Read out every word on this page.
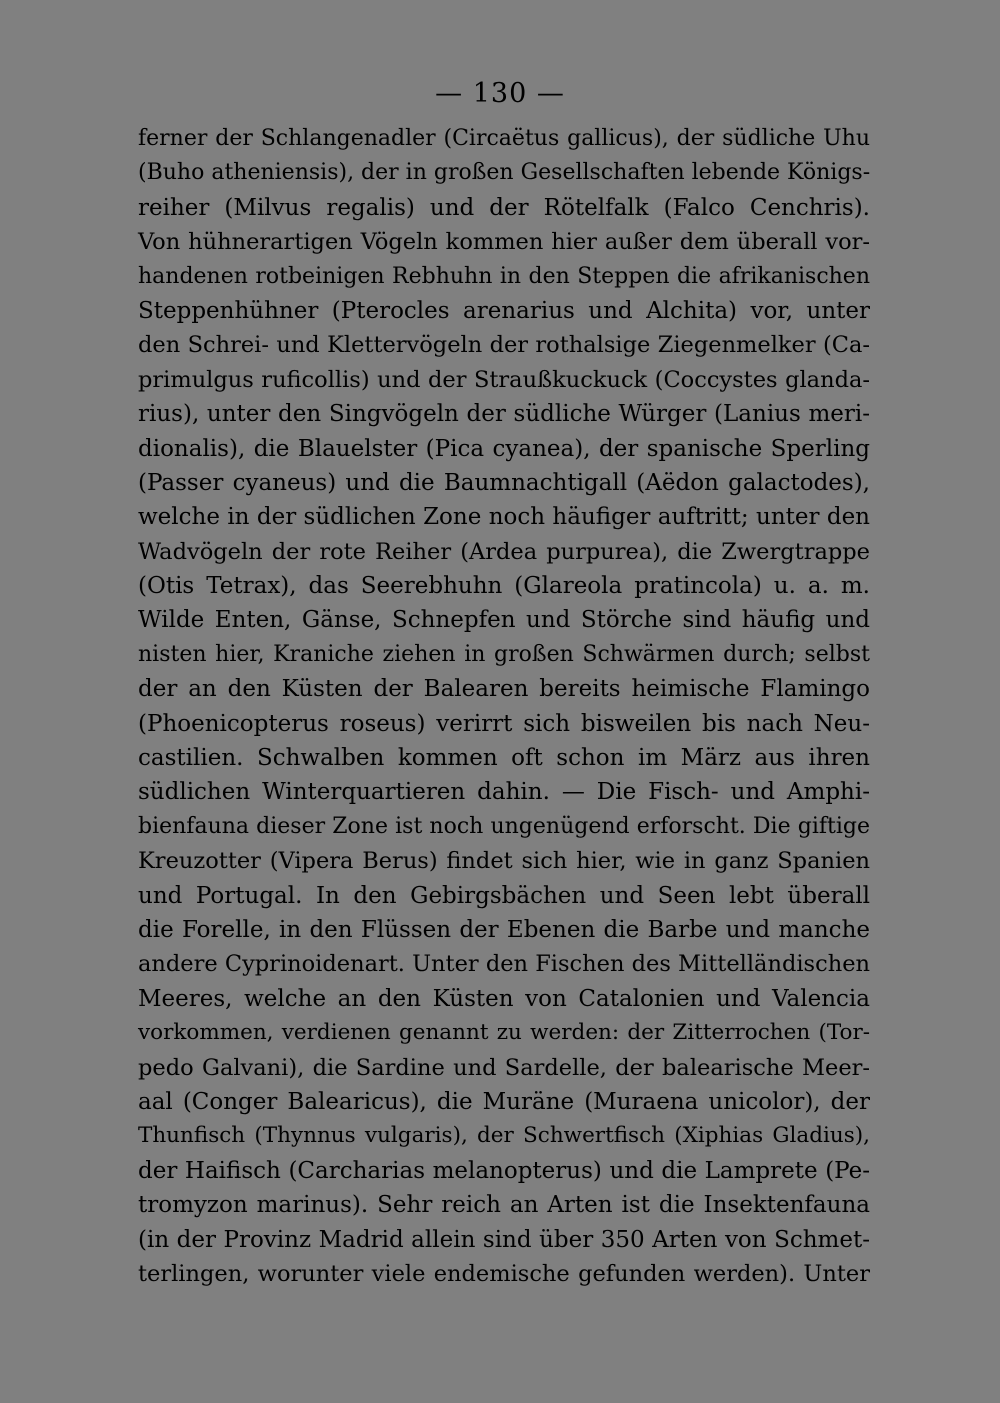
— 130 —
ferner der Schlangenadler (Circaëtus gallicus), der südliche Uhu
(Buho atheniensis), der in großen Gesellschaften lebende Königs-
reiher (Milvus regalis) und der Rötelfalk (Falco Cenchris).
Von hühnerartigen Vögeln kommen hier außer dem überall vor-
handenen rotbeinigen Rebhuhn in den Steppen die afrikanischen
Steppenhühner (Pterocles arenarius und Alchita) vor, unter
den Schrei- und Klettervögeln der rothalsige Ziegenmelker (Ca-
primulgus ruficollis) und der Straußkuckuck (Coccystes glanda-
rius), unter den Singvögeln der südliche Würger (Lanius meri-
dionalis), die Blauelster (Pica cyanea), der spanische Sperling
(Passer cyaneus) und die Baumnachtigall (Aëdon galactodes),
welche in der südlichen Zone noch häufiger auftritt; unter den
Wadvögeln der rote Reiher (Ardea purpurea), die Zwergtrappe
(Otis Tetrax), das Seerebhuhn (Glareola pratincola) u. a. m.
Wilde Enten, Gänse, Schnepfen und Störche sind häufig und
nisten hier, Kraniche ziehen in großen Schwärmen durch; selbst
der an den Küsten der Balearen bereits heimische Flamingo
(Phoenicopterus roseus) verirrt sich bisweilen bis nach Neu-
castilien. Schwalben kommen oft schon im März aus ihren
südlichen Winterquartieren dahin. — Die Fisch- und Amphi-
bienfauna dieser Zone ist noch ungenügend erforscht. Die giftige
Kreuzotter (Vipera Berus) findet sich hier, wie in ganz Spanien
und Portugal. In den Gebirgsbächen und Seen lebt überall
die Forelle, in den Flüssen der Ebenen die Barbe und manche
andere Cyprinoidenart. Unter den Fischen des Mittelländischen
Meeres, welche an den Küsten von Catalonien und Valencia
vorkommen, verdienen genannt zu werden: der Zitterrochen (Tor-
pedo Galvani), die Sardine und Sardelle, der balearische Meer-
aal (Conger Balearicus), die Muräne (Muraena unicolor), der
Thunfisch (Thynnus vulgaris), der Schwertfisch (Xiphias Gladius),
der Haifisch (Carcharias melanopterus) und die Lamprete (Pe-
tromyzon marinus). Sehr reich an Arten ist die Insektenfauna
(in der Provinz Madrid allein sind über 350 Arten von Schmet-
terlingen, worunter viele endemische gefunden werden). Unter
